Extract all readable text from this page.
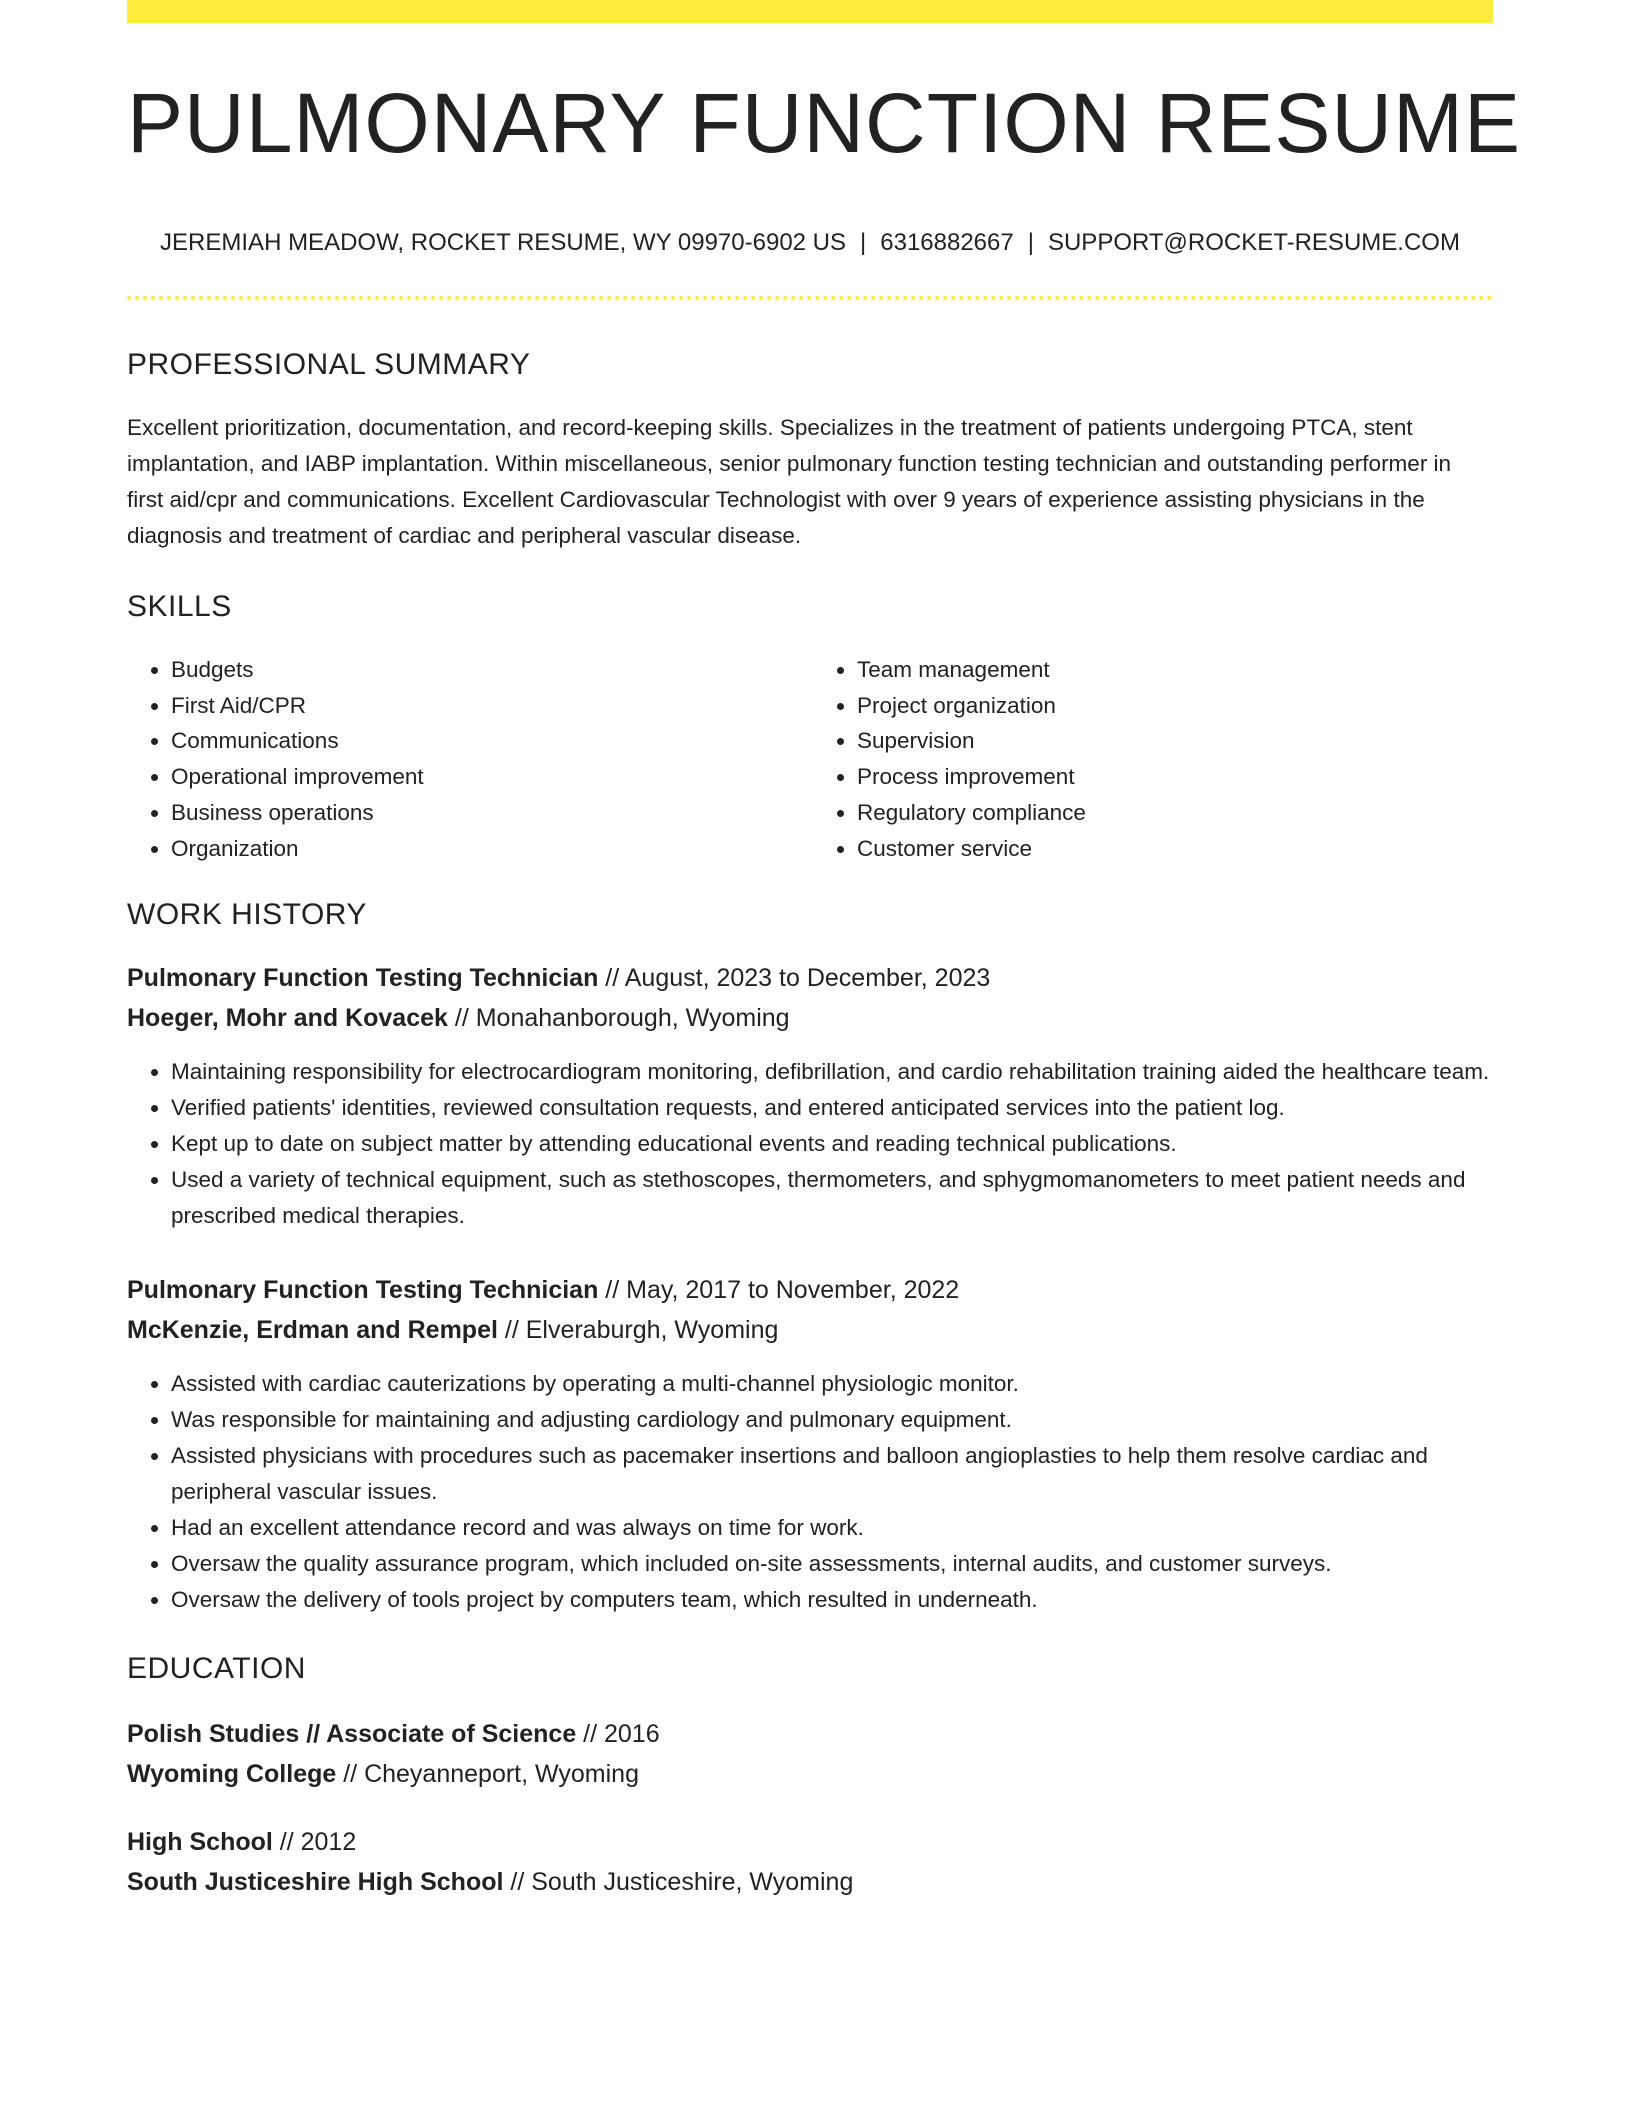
PULMONARY FUNCTION RESUME
JEREMIAH MEADOW, ROCKET RESUME, WY 09970-6902 US | 6316882667 | SUPPORT@ROCKET-RESUME.COM
PROFESSIONAL SUMMARY

Excellent prioritization, documentation, and record-keeping skills. Specializes in the treatment of patients undergoing PTCA, stent implantation, and IABP implantation. Within miscellaneous, senior pulmonary function testing technician and outstanding performer in first aid/cpr and communications. Excellent Cardiovascular Technologist with over 9 years of experience assisting physicians in the diagnosis and treatment of cardiac and peripheral vascular disease.

SKILLS
• Budgets
• First Aid/CPR
• Communications
• Operational improvement
• Business operations
• Organization
• Team management
• Project organization
• Supervision
• Process improvement
• Regulatory compliance
• Customer service
WORK HISTORY
Pulmonary Function Testing Technician // August, 2023 to December, 2023
Hoeger, Mohr and Kovacek // Monahanborough, Wyoming
• Maintaining responsibility for electrocardiogram monitoring, defibrillation, and cardio rehabilitation training aided the healthcare team.
• Verified patients' identities, reviewed consultation requests, and entered anticipated services into the patient log.
• Kept up to date on subject matter by attending educational events and reading technical publications.
• Used a variety of technical equipment, such as stethoscopes, thermometers, and sphygmomanometers to meet patient needs and prescribed medical therapies.
Pulmonary Function Testing Technician // May, 2017 to November, 2022
McKenzie, Erdman and Rempel // Elveraburgh, Wyoming
• Assisted with cardiac cauterizations by operating a multi-channel physiologic monitor.
• Was responsible for maintaining and adjusting cardiology and pulmonary equipment.
• Assisted physicians with procedures such as pacemaker insertions and balloon angioplasties to help them resolve cardiac and peripheral vascular issues.
• Had an excellent attendance record and was always on time for work.
• Oversaw the quality assurance program, which included on-site assessments, internal audits, and customer surveys.
• Oversaw the delivery of tools project by computers team, which resulted in underneath.
EDUCATION
Polish Studies // Associate of Science // 2016
Wyoming College // Cheyanneport, Wyoming
High School // 2012
South Justiceshire High School // South Justiceshire, Wyoming
